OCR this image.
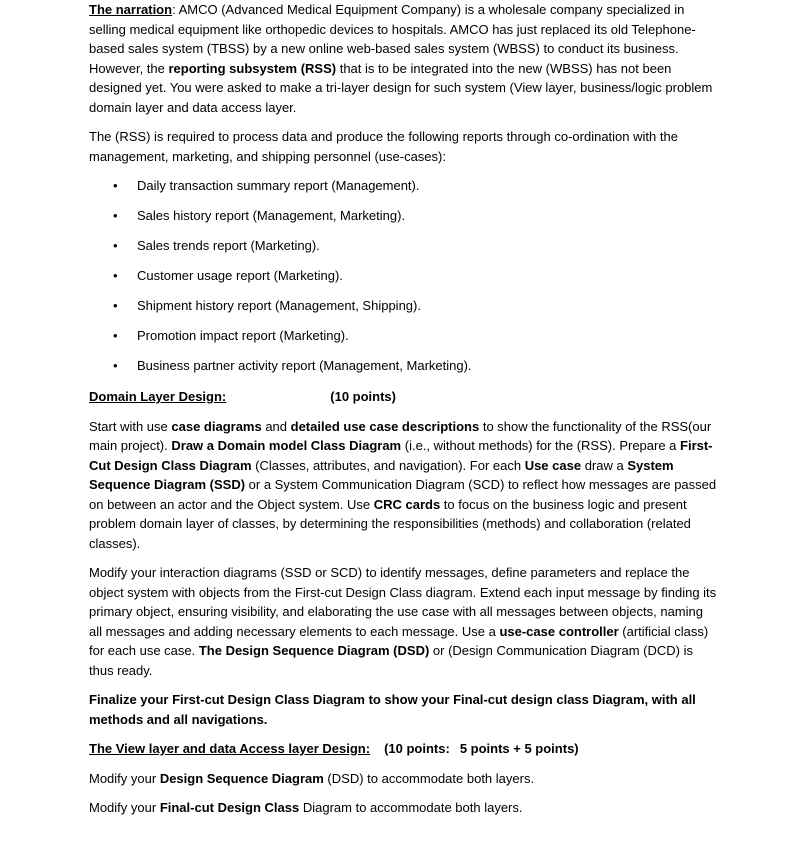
The narration: AMCO (Advanced Medical Equipment Company) is a wholesale company specialized in selling medical equipment like orthopedic devices to hospitals. AMCO has just replaced its old Telephone-based sales system (TBSS) by a new online web-based sales system (WBSS) to conduct its business. However, the reporting subsystem (RSS) that is to be integrated into the new (WBSS) has not been designed yet. You were asked to make a tri-layer design for such system (View layer, business/logic problem domain layer and data access layer.

The (RSS) is required to process data and produce the following reports through co-ordination with the management, marketing, and shipping personnel (use-cases):

• Daily transaction summary report (Management).
• Sales history report (Management, Marketing).
• Sales trends report (Marketing).
• Customer usage report (Marketing).
• Shipment history report (Management, Shipping).
• Promotion impact report (Marketing).
• Business partner activity report (Management, Marketing).

Domain Layer Design:	(10 points)

Start with use case diagrams and detailed use case descriptions to show the functionality of the RSS(our main project). Draw a Domain model Class Diagram (i.e., without methods) for the (RSS). Prepare a First-Cut Design Class Diagram (Classes, attributes, and navigation). For each Use case draw a System Sequence Diagram (SSD) or a System Communication Diagram (SCD) to reflect how messages are passed on between an actor and the Object system. Use CRC cards to focus on the business logic and present problem domain layer of classes, by determining the responsibilities (methods) and collaboration (related classes).

Modify your interaction diagrams (SSD or SCD) to identify messages, define parameters and replace the object system with objects from the First-cut Design Class diagram. Extend each input message by finding its primary object, ensuring visibility, and elaborating the use case with all messages between objects, naming all messages and adding necessary elements to each message. Use a use-case controller (artificial class) for each use case. The Design Sequence Diagram (DSD) or (Design Communication Diagram (DCD) is thus ready.

Finalize your First-cut Design Class Diagram to show your Final-cut design class Diagram, with all methods and all navigations.

The View layer and data Access layer Design: (10 points: 5 points + 5 points)

Modify your Design Sequence Diagram (DSD) to accommodate both layers.

Modify your Final-cut Design Class Diagram to accommodate both layers.
